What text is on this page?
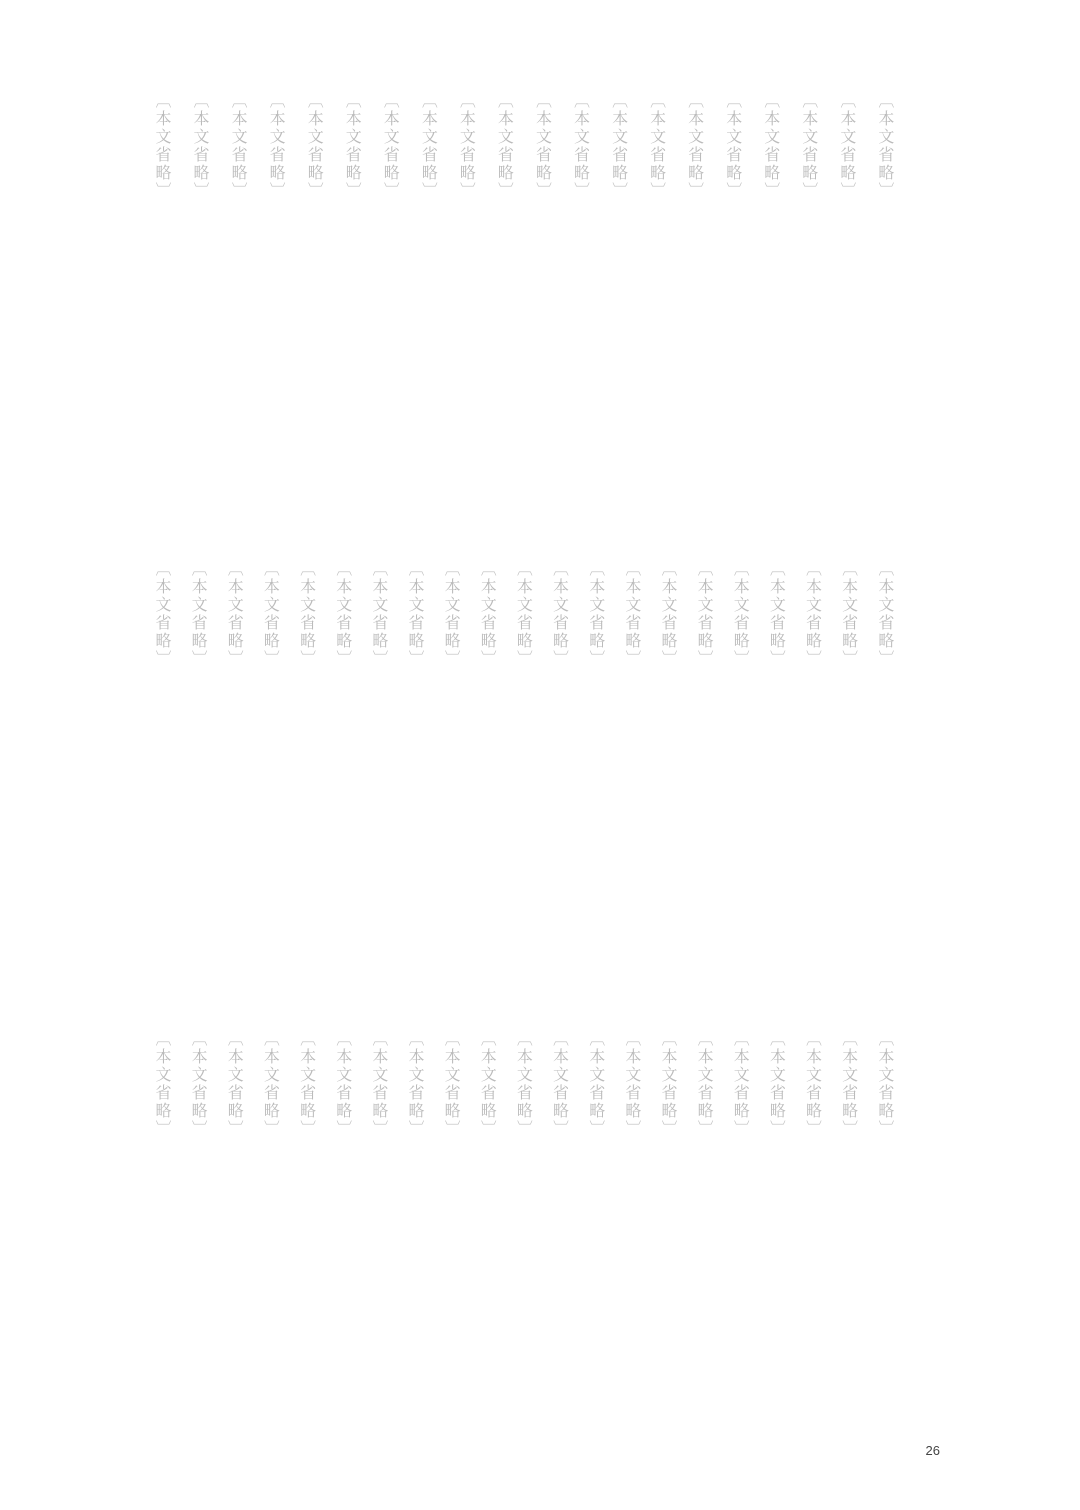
〔本文省略〕
〔本文省略〕
〔本文省略〕
〔本文省略〕
〔本文省略〕
〔本文省略〕
〔本文省略〕
〔本文省略〕
〔本文省略〕
〔本文省略〕
〔本文省略〕
〔本文省略〕
〔本文省略〕
〔本文省略〕
〔本文省略〕
〔本文省略〕
〔本文省略〕
〔本文省略〕
〔本文省略〕
〔本文省略〕
〔本文省略〕
〔本文省略〕
〔本文省略〕
〔本文省略〕
〔本文省略〕
〔本文省略〕
〔本文省略〕
〔本文省略〕
〔本文省略〕
〔本文省略〕
〔本文省略〕
〔本文省略〕
〔本文省略〕
〔本文省略〕
〔本文省略〕
〔本文省略〕
〔本文省略〕
〔本文省略〕
〔本文省略〕
〔本文省略〕
〔本文省略〕
〔本文省略〕
〔本文省略〕
〔本文省略〕
〔本文省略〕
〔本文省略〕
〔本文省略〕
〔本文省略〕
〔本文省略〕
〔本文省略〕
〔本文省略〕
〔本文省略〕
〔本文省略〕
〔本文省略〕
〔本文省略〕
〔本文省略〕
〔本文省略〕
〔本文省略〕
〔本文省略〕
〔本文省略〕
〔本文省略〕
〔本文省略〕
26
